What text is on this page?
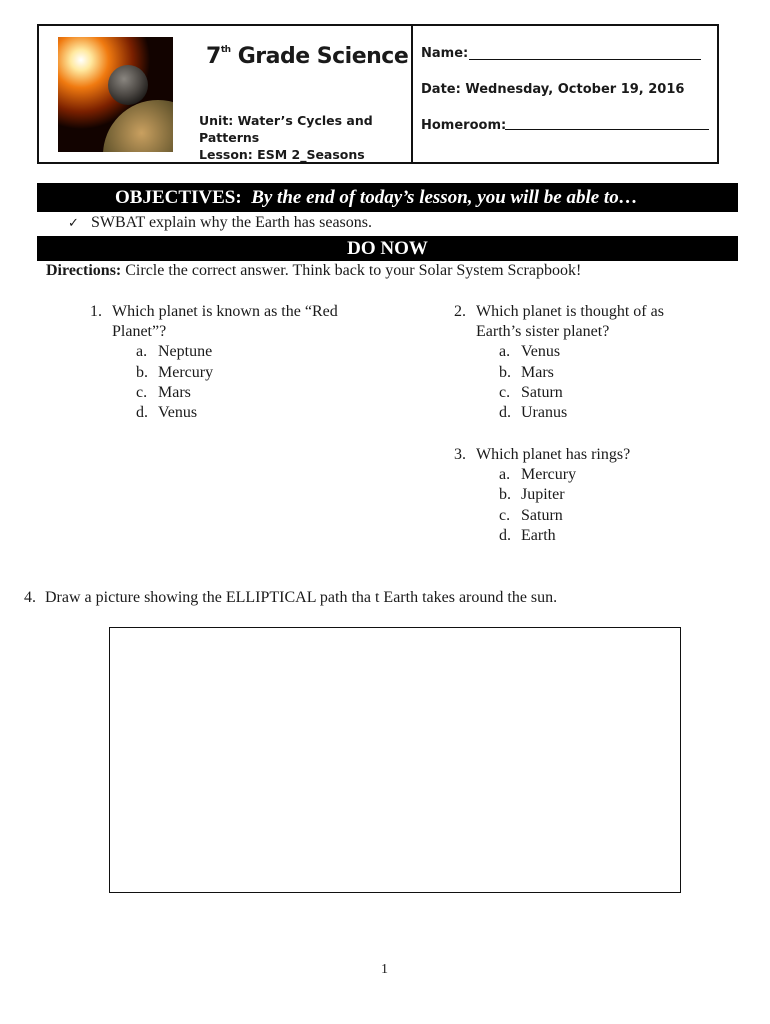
7th Grade Science
Unit: Water’s Cycles and
Patterns
Lesson: ESM 2_Seasons
Name:
Date: Wednesday, October 19, 2016
Homeroom:
OBJECTIVES: By the end of today’s lesson, you will be able to…
✓ SWBAT explain why the Earth has seasons.
DO NOW
Directions: Circle the correct answer. Think back to your Solar System Scrapbook!
1. Which planet is known as the “Red
Planet”?
a. Neptune
b. Mercury
c. Mars
d. Venus
2. Which planet is thought of as
Earth’s sister planet?
a. Venus
b. Mars
c. Saturn
d. Uranus
3. Which planet has rings?
a. Mercury
b. Jupiter
c. Saturn
d. Earth
4. Draw a picture showing the ELLIPTICAL path tha t Earth takes around the sun.
1
